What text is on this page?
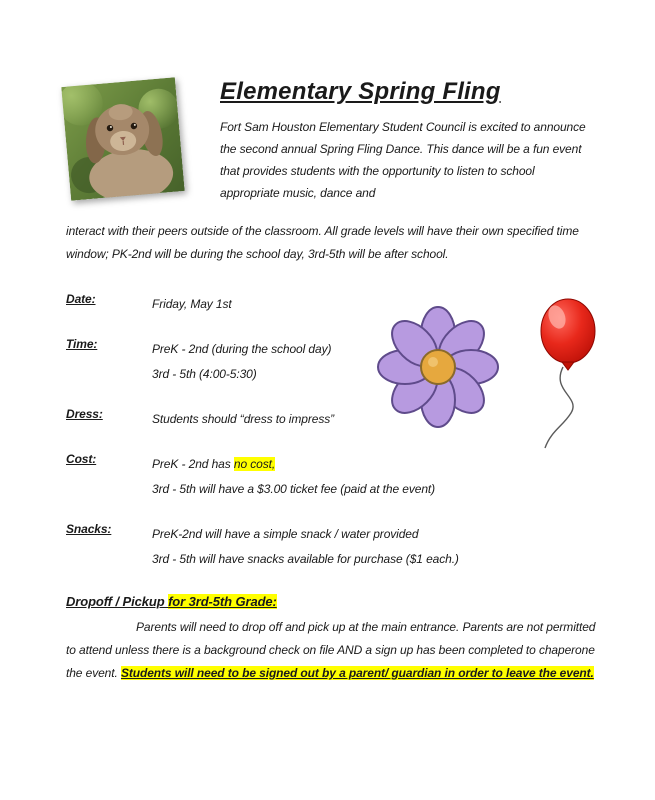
Elementary Spring Fling

Fort Sam Houston Elementary Student Council is excited to announce the second annual Spring Fling Dance. This dance will be a fun event that provides students with the opportunity to listen to school appropriate music, dance and

interact with their peers outside of the classroom. All grade levels will have their own specified time window; PK-2nd will be during the school day, 3rd-5th will be after school.

Date:	Friday, May 1st
Time:	PreK - 2nd (during the school day)
3rd - 5th (4:00-5:30)
Dress:	Students should “dress to impress”
Cost:	PreK - 2nd has no cost,
3rd - 5th will have a $3.00 ticket fee (paid at the event)
Snacks:	PreK-2nd will have a simple snack / water provided
3rd - 5th will have snacks available for purchase ($1 each.)

Dropoff / Pickup for 3rd-5th Grade:

Parents will need to drop off and pick up at the main entrance. Parents are not permitted to attend unless there is a background check on file AND a sign up has been completed to chaperone the event. Students will need to be signed out by a parent/ guardian in order to leave the event.
